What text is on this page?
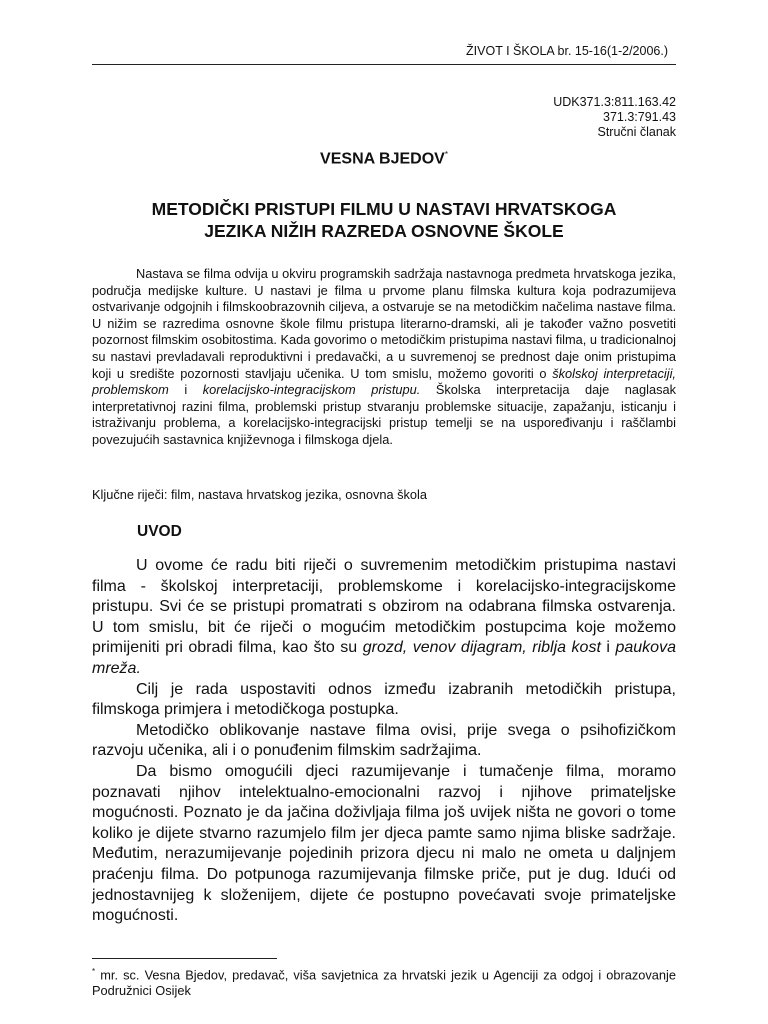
ŽIVOT I ŠKOLA br. 15-16(1-2/2006.)
UDK371.3:811.163.42
371.3:791.43
Stručni članak
VESNA BJEDOV*
METODIČKI PRISTUPI FILMU U NASTAVI HRVATSKOGA
JEZIKA NIŽIH RAZREDA OSNOVNE ŠKOLE

Nastava se filma odvija u okviru programskih sadržaja nastavnoga predmeta hrvatskoga jezika, područja medijske kulture. U nastavi je filma u prvome planu filmska kultura koja podrazumijeva ostvarivanje odgojnih i filmskoobrazovnih ciljeva, a ostvaruje se na metodičkim načelima nastave filma. U nižim se razredima osnovne škole filmu pristupa literarno-dramski, ali je također važno posvetiti pozornost filmskim osobitostima. Kada govorimo o metodičkim pristupima nastavi filma, u tradicionalnoj su nastavi prevladavali reproduktivni i predavački, a u suvremenoj se prednost daje onim pristupima koji u središte pozornosti stavljaju učenika. U tom smislu, možemo govoriti o školskoj interpretaciji, problemskom i korelacijsko-integracijskom pristupu. Školska interpretacija daje naglasak interpretativnoj razini filma, problemski pristup stvaranju problemske situacije, zapažanju, isticanju i istraživanju problema, a korelacijsko-integracijski pristup temelji se na uspoređivanju i raščlambi povezujućih sastavnica književnoga i filmskoga djela.

Ključne riječi: film, nastava hrvatskog jezika, osnovna škola
UVOD

U ovome će radu biti riječi o suvremenim metodičkim pristupima nastavi filma - školskoj interpretaciji, problemskome i korelacijsko-integracijskome pristupu. Svi će se pristupi promatrati s obzirom na odabrana filmska ostvarenja. U tom smislu, bit će riječi o mogućim metodičkim postupcima koje možemo primijeniti pri obradi filma, kao što su grozd, venov dijagram, riblja kost i paukova mreža.

Cilj je rada uspostaviti odnos između izabranih metodičkih pristupa, filmskoga primjera i metodičkoga postupka.

Metodičko oblikovanje nastave filma ovisi, prije svega o psihofizičkom razvoju učenika, ali i o ponuđenim filmskim sadržajima.

Da bismo omogućili djeci razumijevanje i tumačenje filma, moramo poznavati njihov intelektualno-emocionalni razvoj i njihove primateljske mogućnosti. Poznato je da jačina doživljaja filma još uvijek ništa ne govori o tome koliko je dijete stvarno razumjelo film jer djeca pamte samo njima bliske sadržaje. Međutim, nerazumijevanje pojedinih prizora djecu ni malo ne ometa u daljnjem praćenju filma. Do potpunoga razumijevanja filmske priče, put je dug. Idući od jednostavnijeg k složenijem, dijete će postupno povećavati svoje primateljske mogućnosti.

* mr. sc. Vesna Bjedov, predavač, viša savjetnica za hrvatski jezik u Agenciji za odgoj i obrazovanje Podružnici Osijek
